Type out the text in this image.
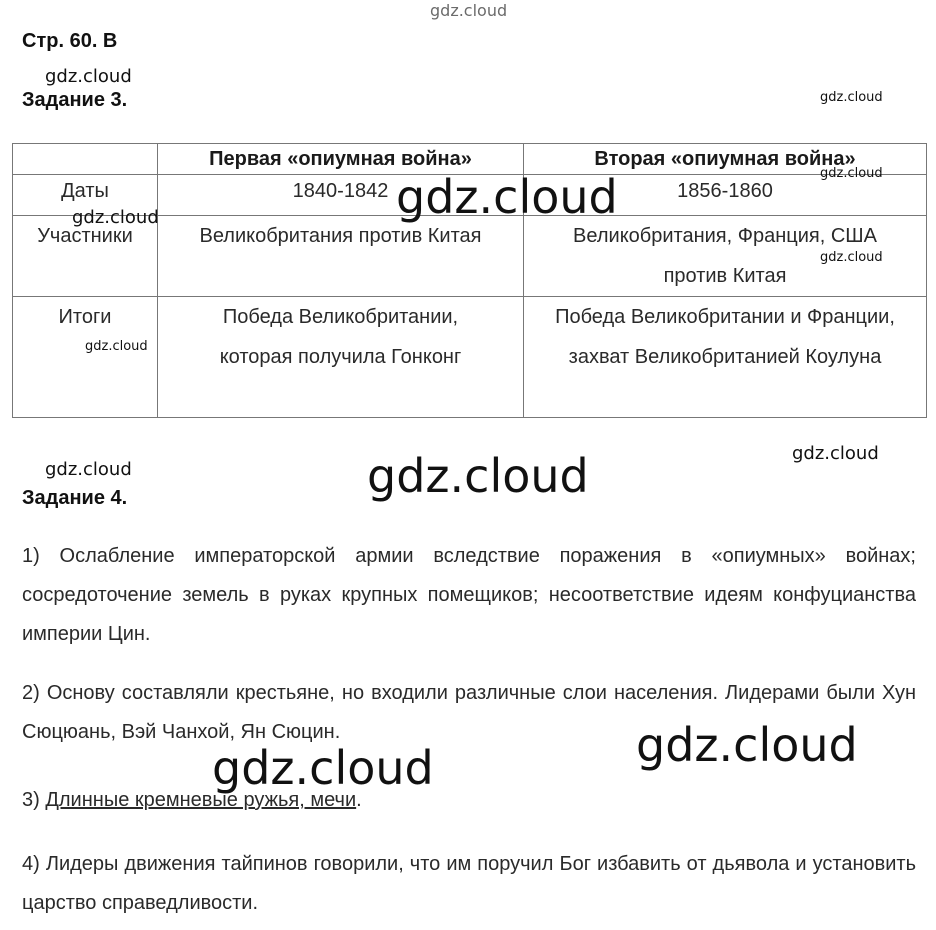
Стр. 60. В
Задание 3.
	Первая «опиумная война»	Вторая «опиумная война»
Даты	1840-1842	1856-1860
Участники	Великобритания против Китая	Великобритания, Франция, США против Китая
Итоги	Победа Великобритании, которая получила Гонконг	Победа Великобритании и Франции, захват Великобританией Коулуна
Задание 4.

1) Ослабление императорской армии вследствие поражения в «опиумных» войнах; сосредоточение земель в руках крупных помещиков; несоответствие идеям конфуцианства империи Цин.

2) Основу составляли крестьяне, но входили различные слои населения. Лидерами были Хун Сюцюань, Вэй Чанхой, Ян Сюцин.

3) Длинные кремневые ружья, мечи.

4) Лидеры движения тайпинов говорили, что им поручил Бог избавить от дьявола и установить царство справедливости.

gdz.cloud
gdz.cloud
gdz.cloud
gdz.cloud
gdz.cloud
gdz.cloud
gdz.cloud
gdz.cloud
gdz.cloud
gdz.cloud	gdz.cloud
gdz.cloud
gdz.cloud
